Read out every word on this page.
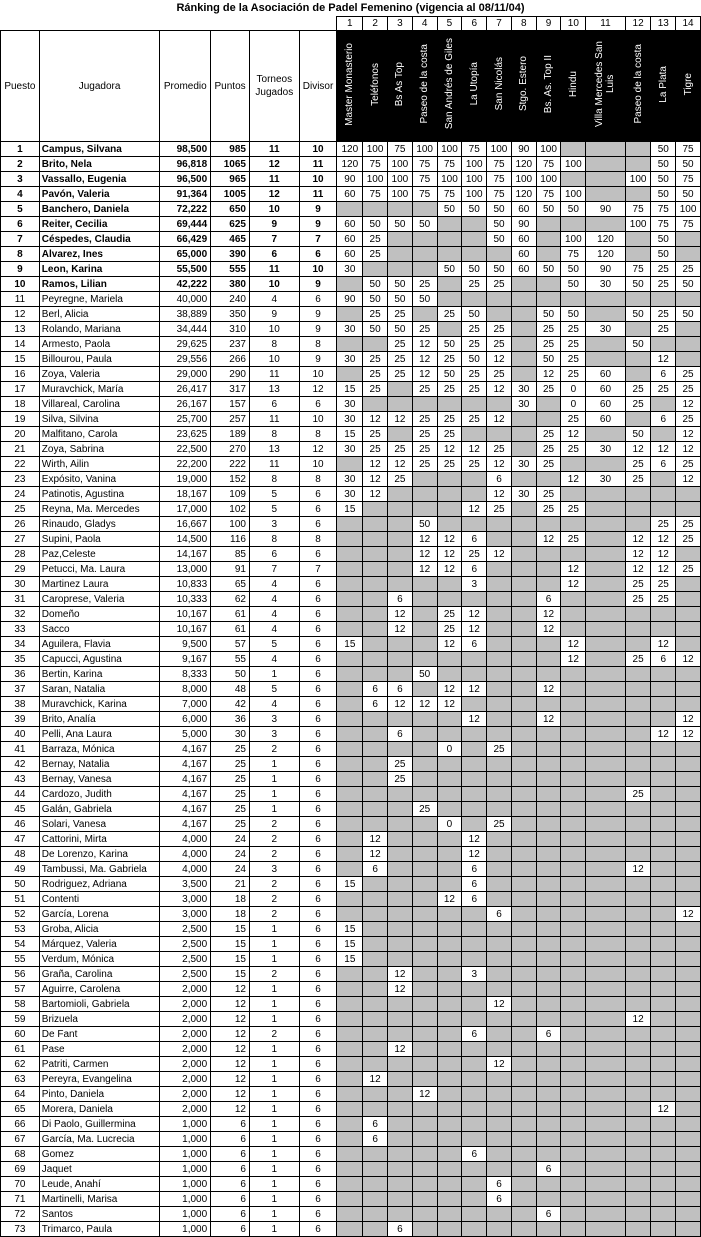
Ránking de la Asociación de Padel Femenino (vigencia al 08/11/04)
						1	2	3	4	5	6	7	8	9	10	11	12	13	14
Puesto	Jugadora	Promedio	Puntos	Torneos Jugados	Divisor	Master Monasterio	Teléfonos	Bs As Top	Paseo de la costa	San Andrés de Giles	La Utopía	San Nicolás	Stgo. Estero	Bs. As. Top II	Hindu	Villa Mercedes San Luis	Paseo de la costa	La Plata	Tigre
1	Campus, Silvana	98,500	985	11	10	120	100	75	100	100	75	100	90	100				50	75
2	Brito, Nela	96,818	1065	12	11	120	75	100	75	75	100	75	120	75	100			50	50
3	Vassallo, Eugenia	96,500	965	11	10	90	100	100	75	100	100	75	100	100			100	50	75
4	Pavón, Valeria	91,364	1005	12	11	60	75	100	75	75	100	75	120	75	100			50	50
5	Banchero, Daniela	72,222	650	10	9					50	50	50	60	50	50	90	75	75	100
6	Reiter, Cecilia	69,444	625	9	9	60	50	50	50			50	90				100	75	75
7	Céspedes, Claudia	66,429	465	7	7	60	25					50	60		100	120		50	
8	Alvarez, Ines	65,000	390	6	6	60	25						60		75	120		50	
9	Leon, Karina	55,500	555	11	10	30				50	50	50	60	50	50	90	75	25	25
10	Ramos, Lilian	42,222	380	10	9		50	50	25		25	25			50	30	50	25	50
11	Peyregne, Mariela	40,000	240	4	6	90	50	50	50										
12	Berl, Alicia	38,889	350	9	9		25	25		25	50			50	50		50	25	50
13	Rolando, Mariana	34,444	310	10	9	30	50	50	25		25	25		25	25	30		25	
14	Armesto, Paola	29,625	237	8	8			25	12	50	25	25		25	25		50		
15	Billourou, Paula	29,556	266	10	9	30	25	25	12	25	50	12		50	25			12	
16	Zoya, Valeria	29,000	290	11	10		25	25	12	50	25	25		12	25	60		6	25
17	Muravchick, María	26,417	317	13	12	15	25		25	25	25	12	30	25	0	60	25	25	25
18	Villareal, Carolina	26,167	157	6	6	30							30		0	60	25		12
19	Silva, Silvina	25,700	257	11	10	30	12	12	25	25	25	12			25	60		6	25
20	Malfitano, Carola	23,625	189	8	8	15	25		25	25				25	12		50		12
21	Zoya, Sabrina	22,500	270	13	12	30	25	25	25	12	12	25		25	25	30	12	12	12
22	Wirth, Ailin	22,200	222	11	10		12	12	25	25	25	12	30	25			25	6	25
23	Expósito, Vanina	19,000	152	8	8	30	12	25				6			12	30	25		12
24	Patinotis, Agustina	18,167	109	5	6	30	12					12	30	25					
25	Reyna, Ma. Mercedes	17,000	102	5	6	15					12	25		25	25				
26	Rinaudo, Gladys	16,667	100	3	6				50									25	25
27	Supini, Paola	14,500	116	8	8				12	12	6			12	25		12	12	25
28	Paz,Celeste	14,167	85	6	6				12	12	25	12					12	12	
29	Petucci, Ma. Laura	13,000	91	7	7				12	12	6				12		12	12	25
30	Martinez Laura	10,833	65	4	6						3				12		25	25	
31	Caroprese, Valeria	10,333	62	4	6			6						6			25	25	
32	Domeño	10,167	61	4	6			12		25	12			12					
33	Sacco	10,167	61	4	6			12		25	12			12					
34	Aguilera, Flavia	9,500	57	5	6	15				12	6				12			12	
35	Capucci, Agustina	9,167	55	4	6										12		25	6	12
36	Bertin, Karina	8,333	50	1	6				50										
37	Saran, Natalia	8,000	48	5	6		6	6		12	12			12					
38	Muravchick, Karina	7,000	42	4	6		6	12	12	12									
39	Brito, Analía	6,000	36	3	6						12			12					12
40	Pelli, Ana Laura	5,000	30	3	6			6										12	12
41	Barraza, Mónica	4,167	25	2	6					0		25							
42	Bernay, Natalia	4,167	25	1	6			25											
43	Bernay, Vanesa	4,167	25	1	6			25											
44	Cardozo, Judith	4,167	25	1	6												25		
45	Galán, Gabriela	4,167	25	1	6				25										
46	Solari, Vanesa	4,167	25	2	6					0		25							
47	Cattorini, Mirta	4,000	24	2	6		12				12								
48	De Lorenzo, Karina	4,000	24	2	6		12				12								
49	Tambussi, Ma. Gabriela	4,000	24	3	6		6				6						12		
50	Rodriguez, Adriana	3,500	21	2	6	15					6								
51	Contenti	3,000	18	2	6					12	6								
52	García, Lorena	3,000	18	2	6							6							12
53	Groba, Alicia	2,500	15	1	6	15													
54	Márquez, Valeria	2,500	15	1	6	15													
55	Verdum, Mónica	2,500	15	1	6	15													
56	Graña, Carolina	2,500	15	2	6			12			3								
57	Aguirre, Carolena	2,000	12	1	6			12											
58	Bartomioli, Gabriela	2,000	12	1	6							12							
59	Brizuela	2,000	12	1	6												12		
60	De Fant	2,000	12	2	6						6			6					
61	Pase	2,000	12	1	6			12											
62	Patriti, Carmen	2,000	12	1	6							12							
63	Pereyra, Evangelina	2,000	12	1	6		12												
64	Pinto, Daniela	2,000	12	1	6				12										
65	Morera, Daniela	2,000	12	1	6													12	
66	Di Paolo, Guillermina	1,000	6	1	6		6												
67	García, Ma. Lucrecia	1,000	6	1	6		6												
68	Gomez	1,000	6	1	6						6								
69	Jaquet	1,000	6	1	6									6					
70	Leude, Anahí	1,000	6	1	6							6							
71	Martinelli, Marisa	1,000	6	1	6							6							
72	Santos	1,000	6	1	6									6					
73	Trimarco, Paula	1,000	6	1	6			6											
